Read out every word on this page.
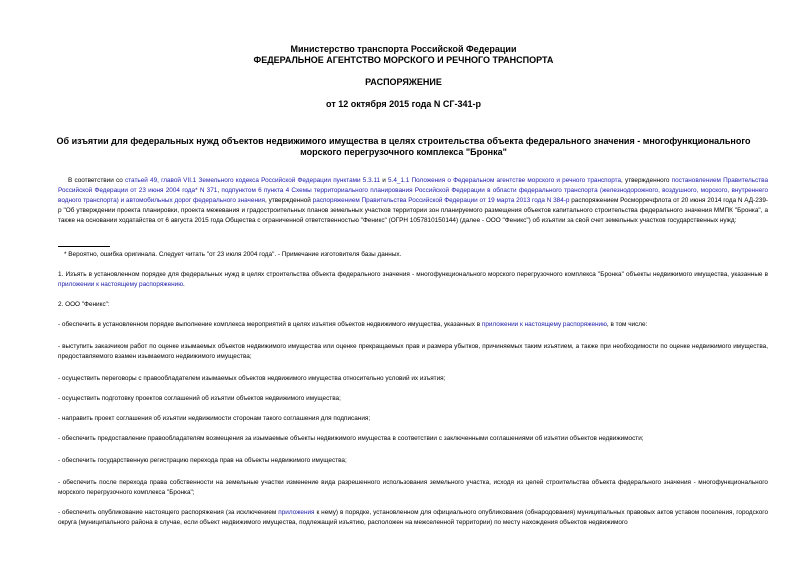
Министерство транспорта Российской Федерации
ФЕДЕРАЛЬНОЕ АГЕНТСТВО МОРСКОГО И РЕЧНОГО ТРАНСПОРТА
РАСПОРЯЖЕНИЕ
от 12 октября 2015 года N СГ-341-р
Об изъятии для федеральных нужд объектов недвижимого имущества в целях строительства объекта федерального значения - многофункционального морского перегрузочного комплекса "Бронка"
В соответствии со статьей 49, главой VII.1 Земельного кодекса Российской Федерации пунктами 5.3.11 и 5.4_1.1 Положения о Федеральном агентстве морского и речного транспорта, утвержденного постановлением Правительства Российской Федерации от 23 июня 2004 года* N 371, подпунктом 6 пункта 4 Схемы территориального планирования Российской Федерации в области федерального транспорта (железнодорожного, воздушного, морского, внутреннего водного транспорта) и автомобильных дорог федерального значения, утвержденной распоряжением Правительства Российской Федерации от 19 марта 2013 года N 384-р распоряжением Росморречфлота от 20 июня 2014 года N АД-239-р "Об утверждении проекта планировки, проекта межевания и градостроительных планов земельных участков территории зон планируемого размещения объектов капитального строительства федерального значения ММПК "Бронка", а также на основании ходатайства от 6 августа 2015 года Общества с ограниченной ответственностью "Феникс" (ОГРН 1057810150144) (далее - ООО "Феникс") об изъятии за свой счет земельных участков государственных нужд:
* Вероятно, ошибка оригинала. Следует читать "от 23 июля 2004 года". - Примечание изготовителя базы данных.
1. Изъять в установленном порядке для федеральных нужд в целях строительства объекта федерального значения - многофункционального морского перегрузочного комплекса "Бронка" объекты недвижимого имущества, указанные в приложении к настоящему распоряжению.
2. ООО "Феникс":
- обеспечить в установленном порядке выполнение комплекса мероприятий в целях изъятия объектов недвижимого имущества, указанных в приложении к настоящему распоряжению, в том числе:
- выступить заказчиком работ по оценке изымаемых объектов недвижимого имущества или оценке прекращаемых прав и размера убытков, причиняемых таким изъятием, а также при необходимости по оценке недвижимого имущества, предоставляемого взамен изымаемого недвижимого имущества;
- осуществить переговоры с правообладателем изымаемых объектов недвижимого имущества относительно условий их изъятия;
- осуществить подготовку проектов соглашений об изъятии объектов недвижимого имущества;
- направить проект соглашения об изъятии недвижимости сторонам такого соглашения для подписания;
- обеспечить предоставление правообладателям возмещения за изымаемые объекты недвижимого имущества в соответствии с заключенными соглашениями об изъятии объектов недвижимости;
- обеспечить государственную регистрацию перехода прав на объекты недвижимого имущества;
- обеспечить после перехода права собственности на земельные участки изменение вида разрешенного использования земельного участка, исходя из целей строительства объекта федерального значения - многофункционального морского перегрузочного комплекса "Бронка";
- обеспечить опубликование настоящего распоряжения (за исключением приложения к нему) в порядке, установленном для официального опубликования (обнародования) муниципальных правовых актов уставом поселения, городского округа (муниципального района в случае, если объект недвижимого имущества, подлежащий изъятию, расположен на межселенной территории) по месту нахождения объектов недвижимого
